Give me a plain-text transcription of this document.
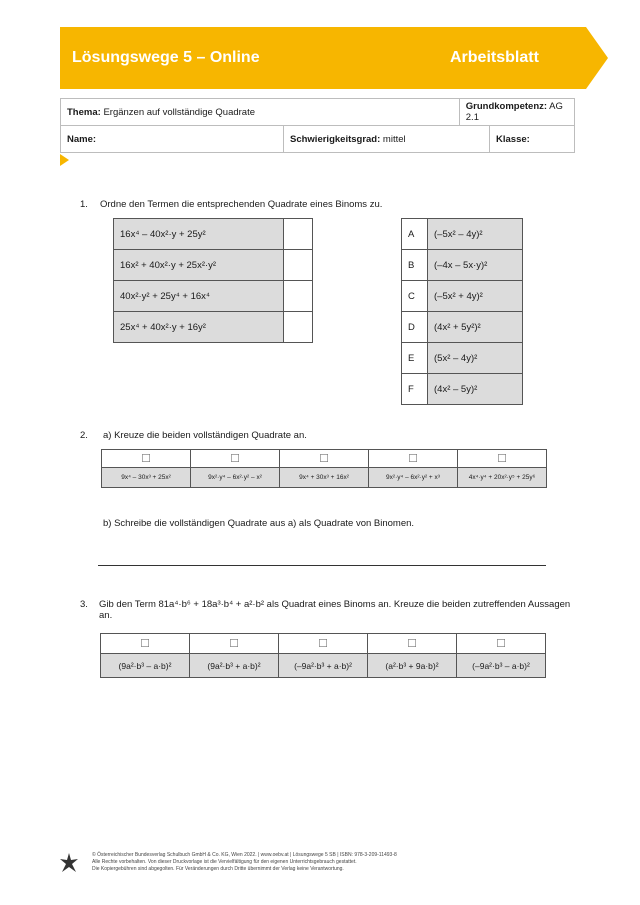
Lösungswege 5 – Online	Arbeitsblatt
Thema: Ergänzen auf vollständige Quadrate		Grundkompetenz: AG 2.1	
Name:	Schwierigkeitsgrad: mittel		Klasse:
1. Ordne den Termen die entsprechenden Quadrate eines Binoms zu.
16x⁴ – 40x²·y + 25y²	
16x² + 40x²·y + 25x²·y²	
40x²·y² + 25y⁴ + 16x⁴	
25x⁴ + 40x²·y + 16y²	
A	(–5x² – 4y)²
B	(–4x – 5x·y)²
C	(–5x² + 4y)²
D	(4x² + 5y²)²
E	(5x² – 4y)²
F	(4x² – 5y)²
2. a) Kreuze die beiden vollständigen Quadrate an.
☐	☐	☐	☐	☐
9x⁴ – 30x³ + 25x²	9x²·y⁴ – 6x²·y² – x²	9x⁴ + 30x³ + 16x²	9x²·y⁴ – 6x²·y² + x³	4x⁴·y⁴ + 20x²·y⁵ + 25y⁶
b) Schreibe die vollständigen Quadrate aus a) als Quadrate von Binomen.
3. Gib den Term 81a⁴·b⁶ + 18a³·b⁴ + a²·b² als Quadrat eines Binoms an. Kreuze die beiden zutreffenden Aussagen an.
☐	☐	☐	☐	☐
(9a²·b³ – a·b)²	(9a²·b³ + a·b)²	(–9a²·b³ + a·b)²	(a²·b³ + 9a·b)²	(–9a²·b³ – a·b)²
© Österreichischer Bundesverlag Schulbuch GmbH & Co. KG, Wien 2022. | www.oebv.at | Lösungswege 5 SB | ISBN: 978-3-209-11493-8
Alle Rechte vorbehalten. Von dieser Druckvorlage ist die Vervielfältigung für den eigenen Unterrichtsgebrauch gestattet.
Die Kopiergebühren sind abgegolten. Für Veränderungen durch Dritte übernimmt der Verlag keine Verantwortung.
